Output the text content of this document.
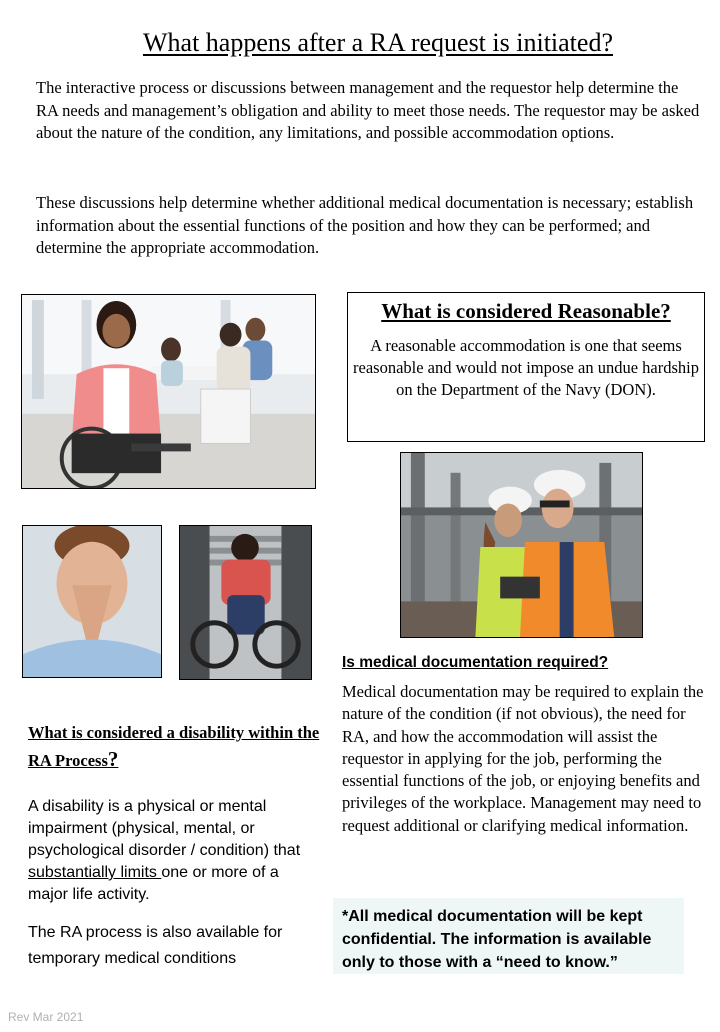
What happens after a RA request is initiated?
The interactive process or discussions between management and the requestor help determine the RA needs and management’s obligation and ability to meet those needs. The requestor may be asked about the nature of the condition, any limitations, and possible accommodation options.
These discussions help determine whether additional medical documentation is necessary; establish information about the essential functions of the position and how they can be performed; and determine the appropriate accommodation.
What is considered Reasonable?
A reasonable accommodation is one that seems reasonable and would not impose an undue hardship on the Department of the Navy (DON).
What is considered a disability within the RA Process?
A disability is a physical or mental impairment (physical, mental, or psychological disorder / condition) that substantially limits one or more of a major life activity.
The RA process is also available for temporary medical conditions
Is medical documentation required?
Medical documentation may be required to explain the nature of the condition (if not obvious), the need for RA, and how the accommodation will assist the requestor in applying for the job, performing the essential functions of the job, or enjoying benefits and privileges of the workplace. Management may need to request additional or clarifying medical information.
*All medical documentation will be kept confidential. The information is available only to those with a “need to know.”
Rev Mar 2021
